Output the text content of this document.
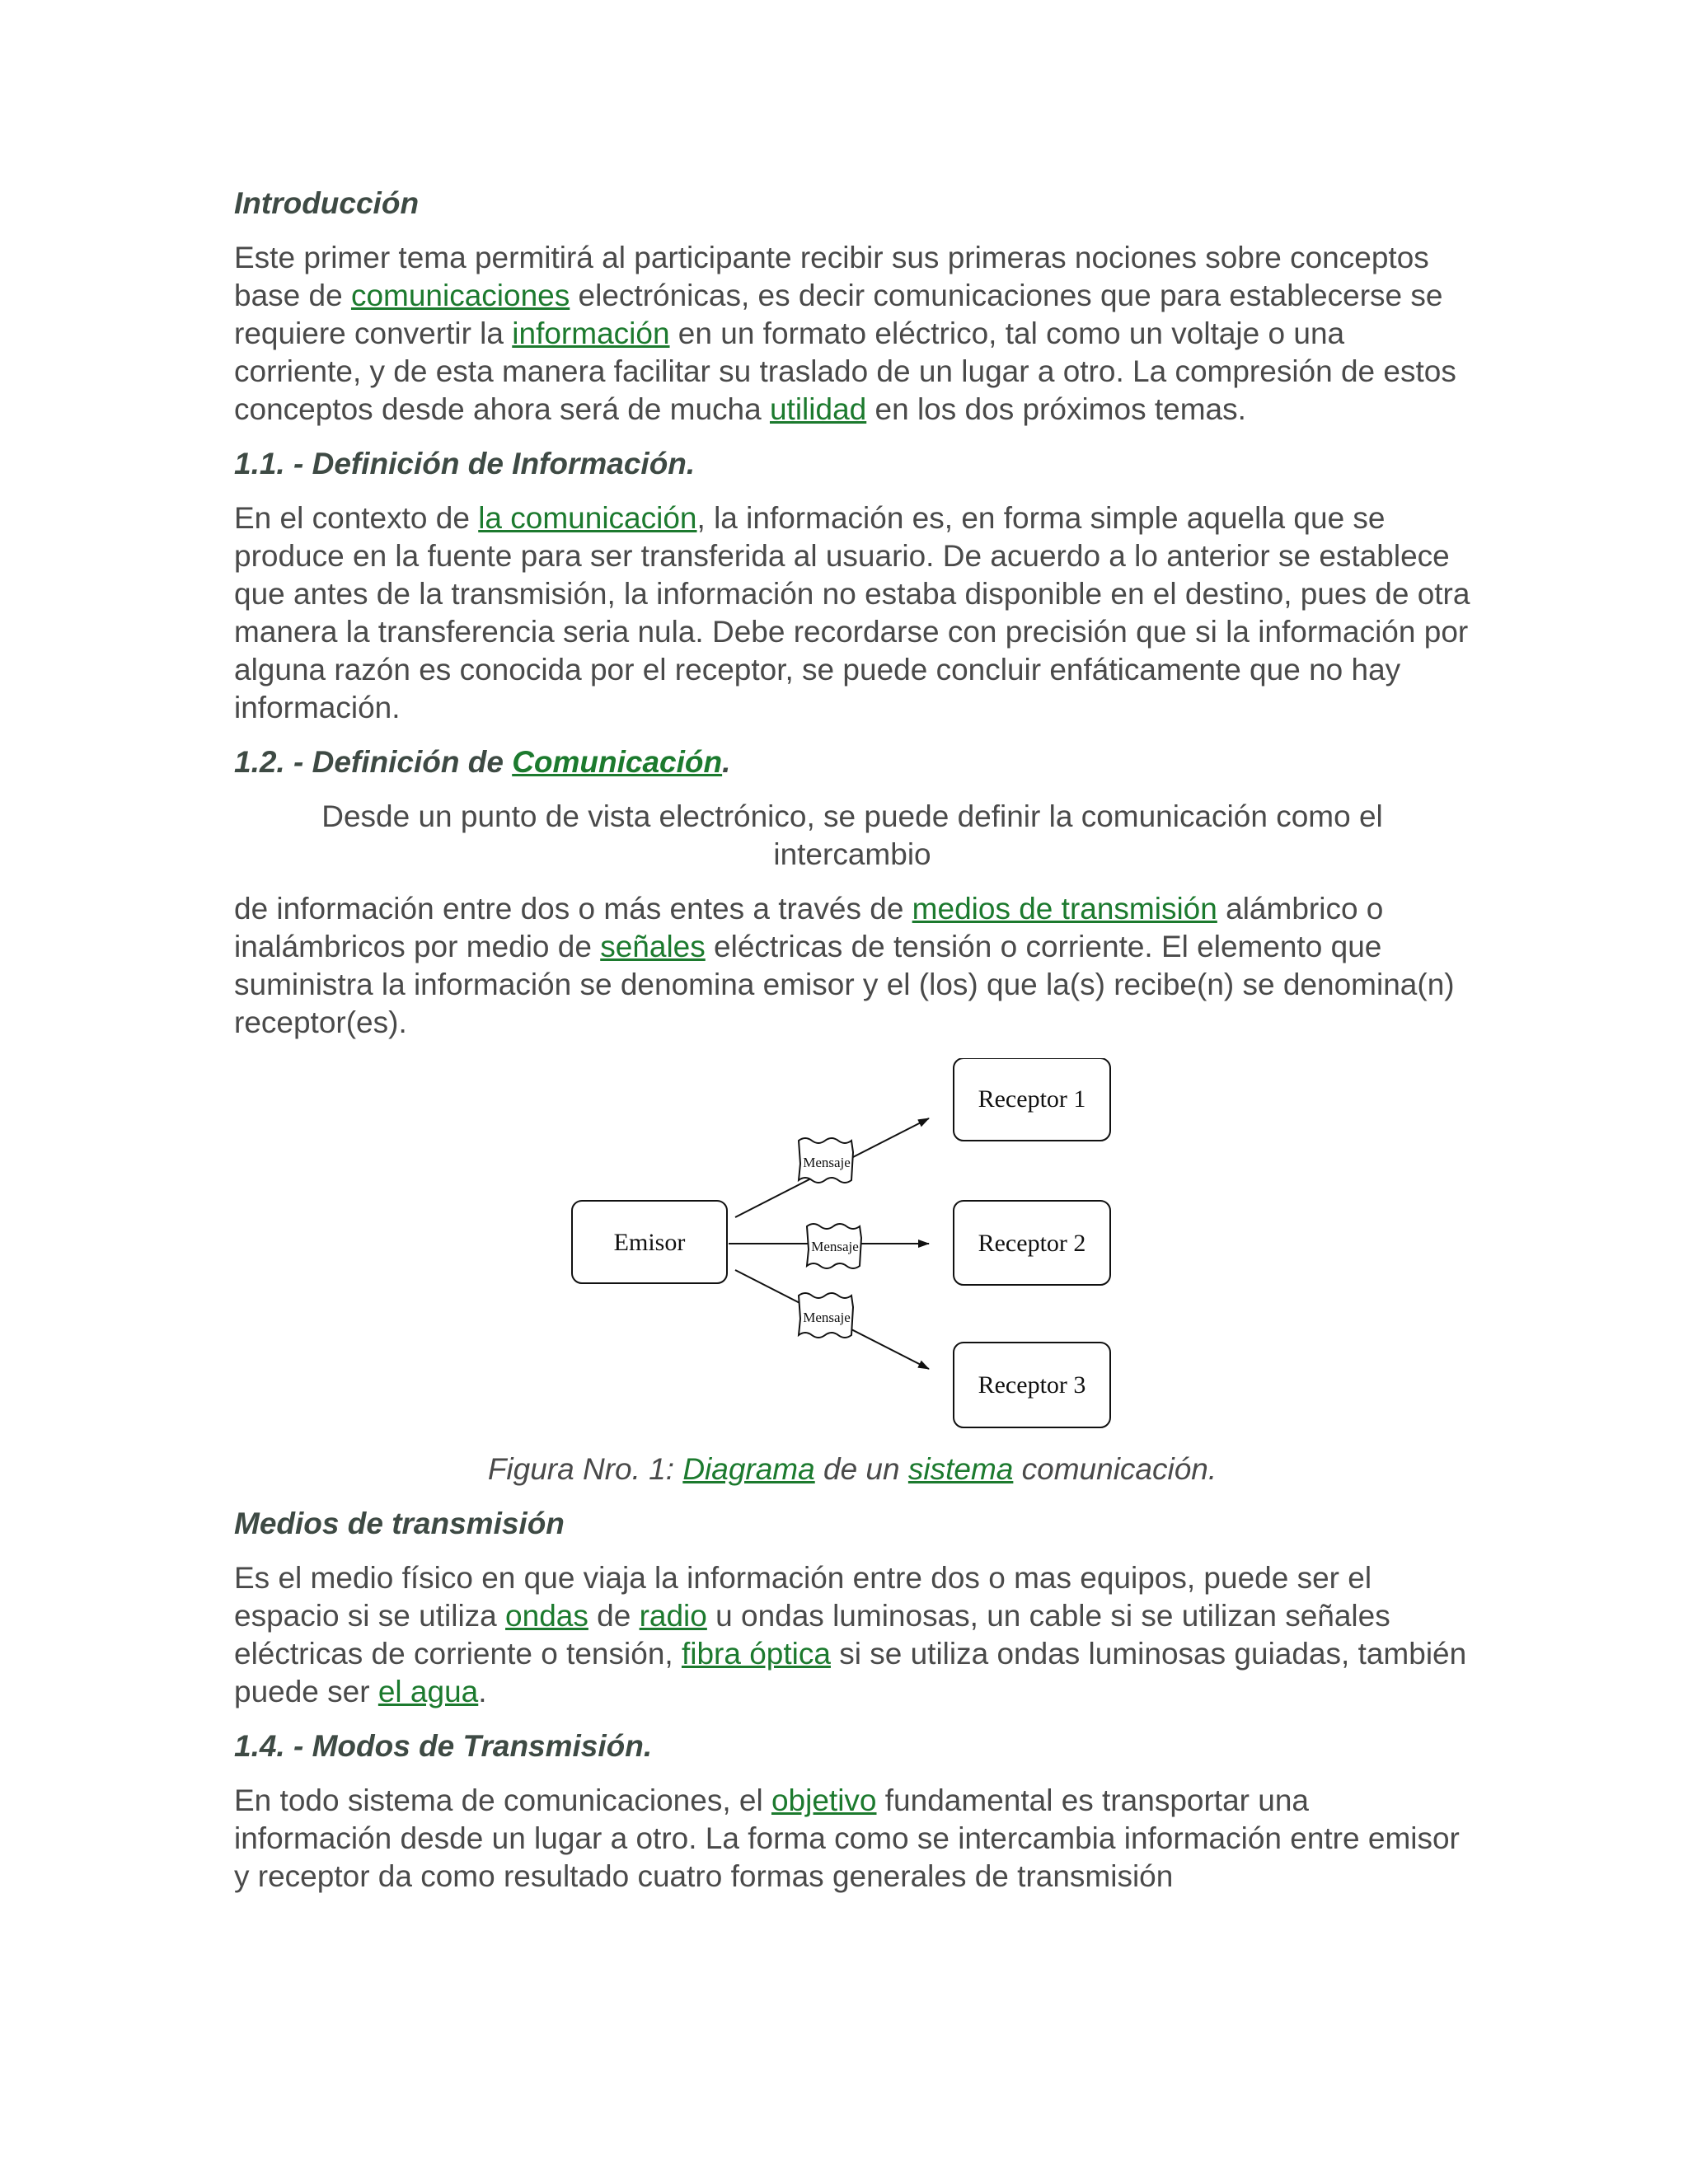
Introducción

Este primer tema permitirá al participante recibir sus primeras nociones sobre conceptos base de comunicaciones electrónicas, es decir comunicaciones que para establecerse se requiere convertir la información en un formato eléctrico, tal como un voltaje o una corriente, y de esta manera facilitar su traslado de un lugar a otro. La compresión de estos conceptos desde ahora será de mucha utilidad en los dos próximos temas.

1.1. - Definición de Información.

En el contexto de la comunicación, la información es, en forma simple aquella que se produce en la fuente para ser transferida al usuario. De acuerdo a lo anterior se establece que antes de la transmisión, la información no estaba disponible en el destino, pues de otra manera la transferencia seria nula. Debe recordarse con precisión que si la información por alguna razón es conocida por el receptor, se puede concluir enfáticamente que no hay información.

1.2. - Definición de Comunicación.

Desde un punto de vista electrónico, se puede definir la comunicación como el intercambio

de información entre dos o más entes a través de medios de transmisión alámbrico o inalámbricos por medio de señales eléctricas de tensión o corriente. El elemento que suministra la información se denomina emisor y el (los) que la(s) recibe(n) se denomina(n) receptor(es).

Emisor
Receptor 1
Receptor 2
Receptor 3
Mensaje
Mensaje
Mensaje

Figura Nro. 1: Diagrama de un sistema comunicación.

Medios de transmisión

Es el medio físico en que viaja la información entre dos o mas equipos, puede ser el espacio si se utiliza ondas de radio u ondas luminosas, un cable si se utilizan señales eléctricas de corriente o tensión, fibra óptica si se utiliza ondas luminosas guiadas, también puede ser el agua.

1.4. - Modos de Transmisión.

En todo sistema de comunicaciones, el objetivo fundamental es transportar una información desde un lugar a otro. La forma como se intercambia información entre emisor y receptor da como resultado cuatro formas generales de transmisión
